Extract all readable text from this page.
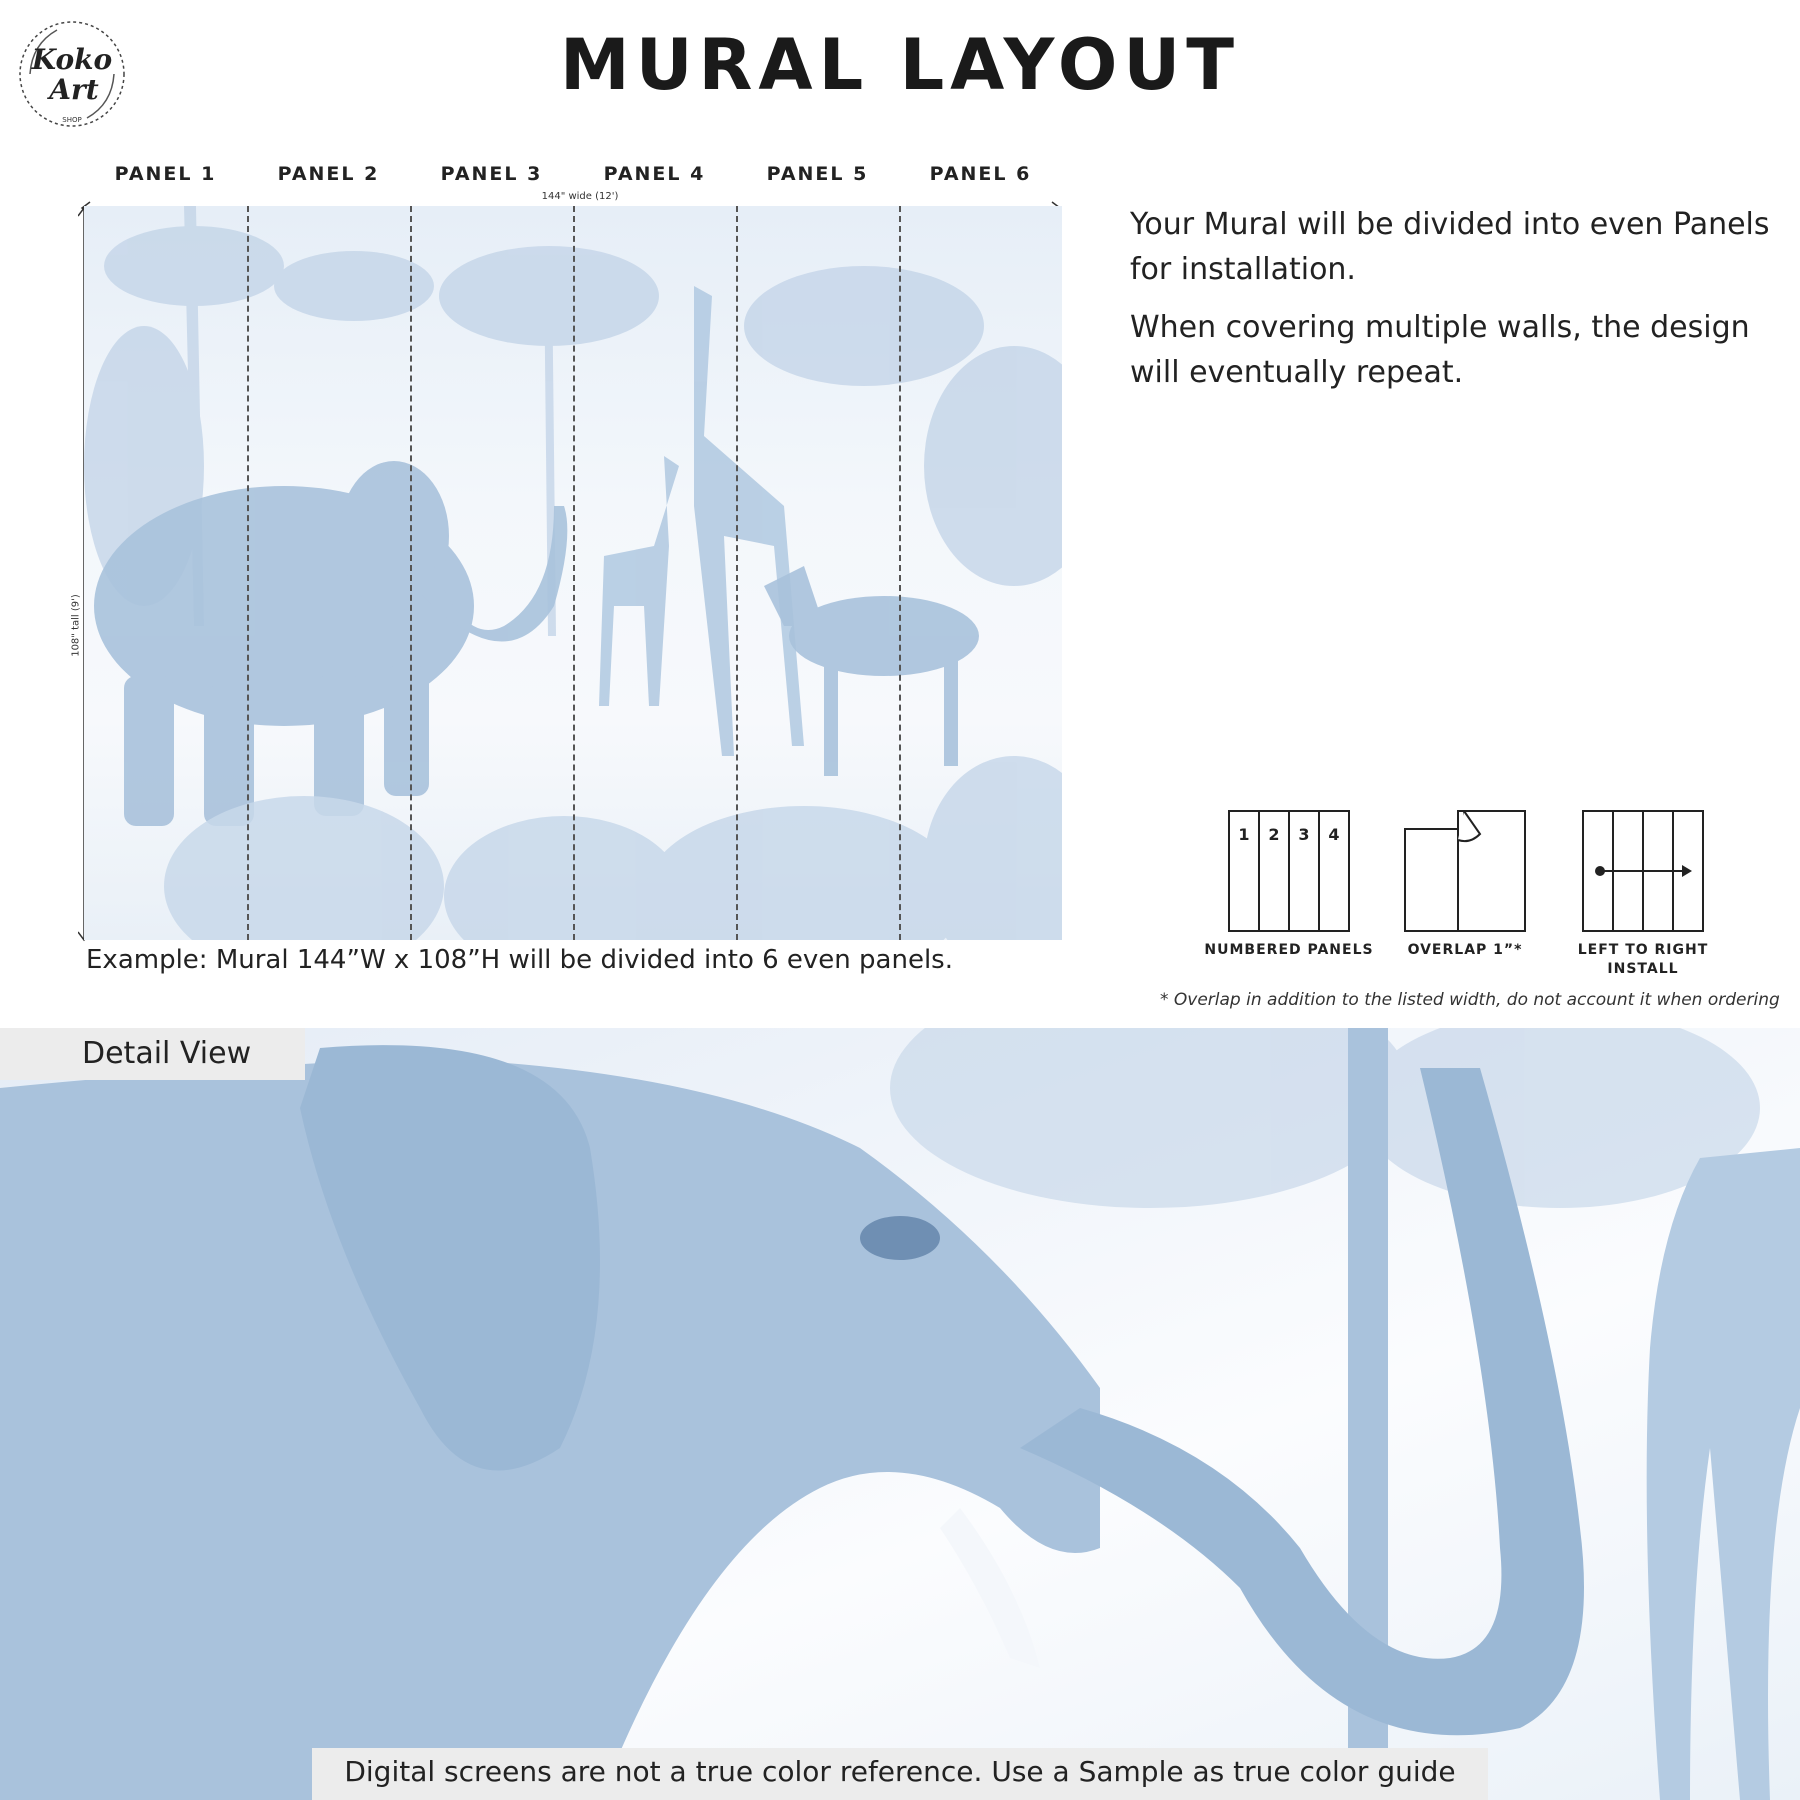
Koko
Art
SHOP
MURAL LAYOUT
PANEL 1	PANEL 2	PANEL 3	PANEL 4	PANEL 5	PANEL 6
144" wide (12')
108" tall (9')
Your Mural will be divided into even Panels for installation.
When covering multiple walls, the design will eventually repeat.
Example: Mural 144”W x 108”H will be divided into 6 even panels.
1 2 3 4
NUMBERED PANELS	OVERLAP 1”*	LEFT TO RIGHT
INSTALL
* Overlap in addition to the listed width, do not account it when ordering
Detail View
Digital screens are not a true color reference. Use a Sample as true color guide
